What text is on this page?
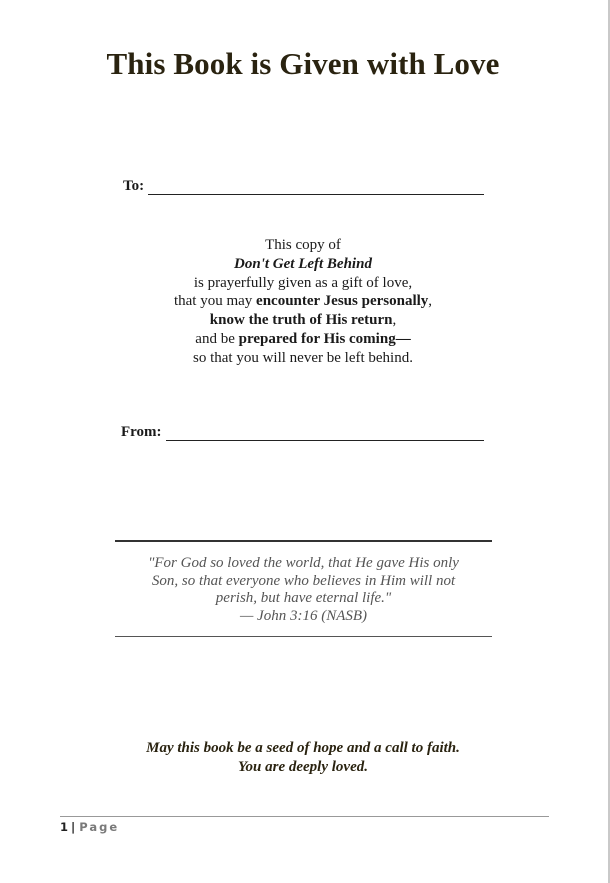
This Book is Given with Love
To:
This copy of
Don't Get Left Behind
is prayerfully given as a gift of love,
that you may encounter Jesus personally,
know the truth of His return,
and be prepared for His coming—
so that you will never be left behind.
From:
"For God so loved the world, that He gave His only
Son, so that everyone who believes in Him will not
perish, but have eternal life."
— John 3:16 (NASB)
May this book be a seed of hope and a call to faith.
You are deeply loved.
1 | Page
